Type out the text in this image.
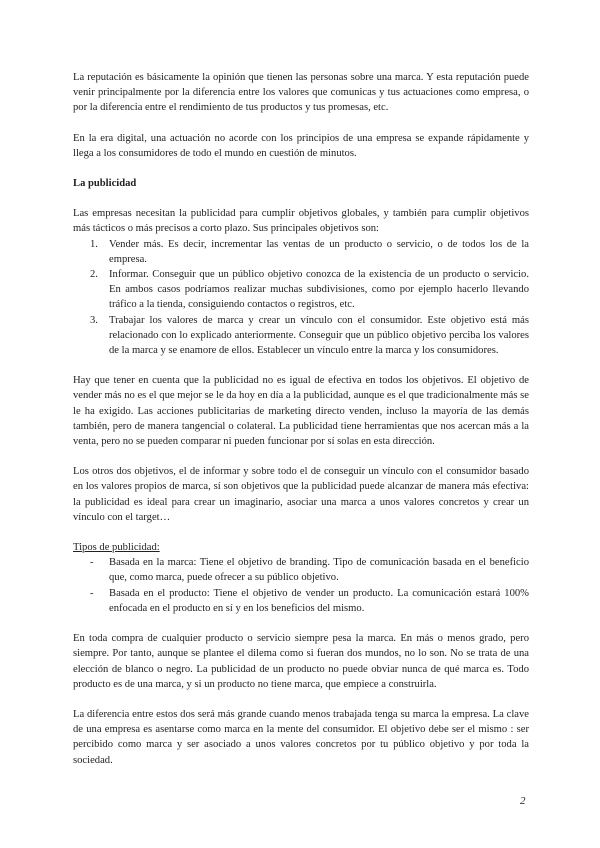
La reputación es básicamente la opinión que tienen las personas sobre una marca. Y esta reputación puede venir principalmente por la diferencia entre los valores que comunicas y tus actuaciones como empresa, o por la diferencia entre el rendimiento de tus productos y tus promesas, etc.

En la era digital, una actuación no acorde con los principios de una empresa se expande rápidamente y llega a los consumidores de todo el mundo en cuestión de minutos.

La publicidad

Las empresas necesitan la publicidad para cumplir objetivos globales, y también para cumplir objetivos más tácticos o más precisos a corto plazo. Sus principales objetivos son:

1. Vender más. Es decir, incrementar las ventas de un producto o servicio, o de todos los de la empresa.
2. Informar. Conseguir que un público objetivo conozca de la existencia de un producto o servicio. En ambos casos podríamos realizar muchas subdivisiones, como por ejemplo hacerlo llevando tráfico a la tienda, consiguiendo contactos o registros, etc.
3. Trabajar los valores de marca y crear un vínculo con el consumidor. Este objetivo está más relacionado con lo explicado anteriormente. Conseguir que un público objetivo perciba los valores de la marca y se enamore de ellos. Establecer un vínculo entre la marca y los consumidores.

Hay que tener en cuenta que la publicidad no es igual de efectiva en todos los objetivos. El objetivo de vender más no es el que mejor se le da hoy en día a la publicidad, aunque es el que tradicionalmente más se le ha exigido. Las acciones publicitarias de marketing directo venden, incluso la mayoría de las demás también, pero de manera tangencial o colateral. La publicidad tiene herramientas que nos acercan más a la venta, pero no se pueden comparar ni pueden funcionar por sí solas en esta dirección.

Los otros dos objetivos, el de informar y sobre todo el de conseguir un vínculo con el consumidor basado en los valores propios de marca, sí son objetivos que la publicidad puede alcanzar de manera más efectiva: la publicidad es ideal para crear un imaginario, asociar una marca a unos valores concretos y crear un vínculo con el target…

Tipos de publicidad:

- Basada en la marca: Tiene el objetivo de branding. Tipo de comunicación basada en el beneficio que, como marca, puede ofrecer a su público objetivo.
- Basada en el producto: Tiene el objetivo de vender un producto. La comunicación estará 100% enfocada en el producto en sí y en los beneficios del mismo.

En toda compra de cualquier producto o servicio siempre pesa la marca. En más o menos grado, pero siempre. Por tanto, aunque se plantee el dilema como si fueran dos mundos, no lo son. No se trata de una elección de blanco o negro. La publicidad de un producto no puede obviar nunca de qué marca es. Todo producto es de una marca, y si un producto no tiene marca, que empiece a construirla.

La diferencia entre estos dos será más grande cuando menos trabajada tenga su marca la empresa. La clave de una empresa es asentarse como marca en la mente del consumidor. El objetivo debe ser el mismo : ser percibido como marca y ser asociado a unos valores concretos por tu público objetivo y por toda la sociedad.

2
